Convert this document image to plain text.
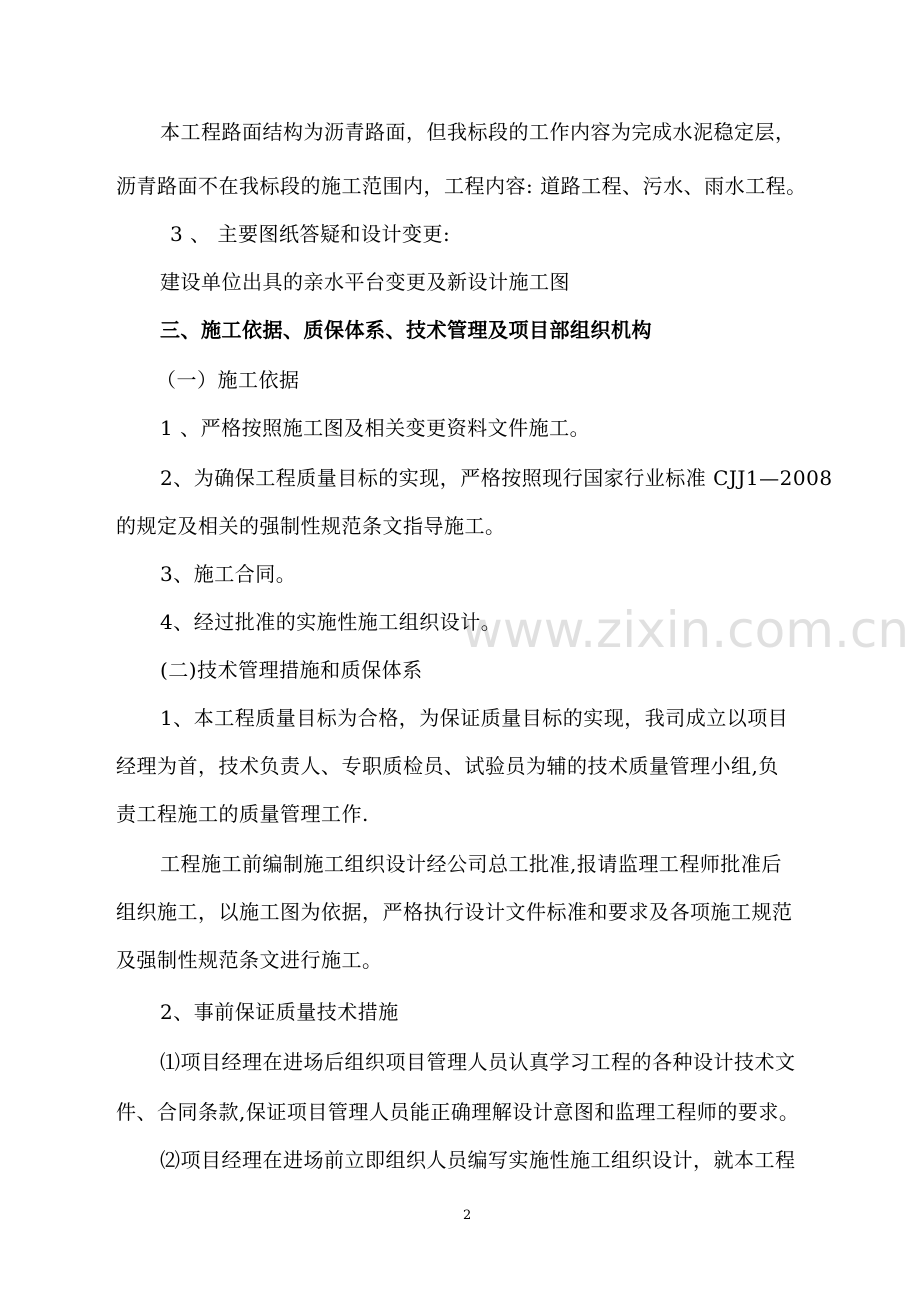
www.zixin.com.cn
本工程路面结构为沥青路面，但我标段的工作内容为完成水泥稳定层，
沥青路面不在我标段的施工范围内，工程内容: 道路工程、污水、雨水工程。
3 、 主要图纸答疑和设计变更:
建设单位出具的亲水平台变更及新设计施工图
三、施工依据、质保体系、技术管理及项目部组织机构
（一）施工依据
1 、严格按照施工图及相关变更资料文件施工。
2、为确保工程质量目标的实现，严格按照现行国家行业标准 CJJ1—2008
的规定及相关的强制性规范条文指导施工。
3、施工合同。
4、经过批准的实施性施工组织设计。
(二)技术管理措施和质保体系
1、本工程质量目标为合格，为保证质量目标的实现，我司成立以项目
经理为首，技术负责人、专职质检员、试验员为辅的技术质量管理小组,负
责工程施工的质量管理工作.
工程施工前编制施工组织设计经公司总工批准,报请监理工程师批准后
组织施工，以施工图为依据，严格执行设计文件标准和要求及各项施工规范
及强制性规范条文进行施工。
2、事前保证质量技术措施
⑴项目经理在进场后组织项目管理人员认真学习工程的各种设计技术文
件、合同条款,保证项目管理人员能正确理解设计意图和监理工程师的要求。
⑵项目经理在进场前立即组织人员编写实施性施工组织设计，就本工程
2
